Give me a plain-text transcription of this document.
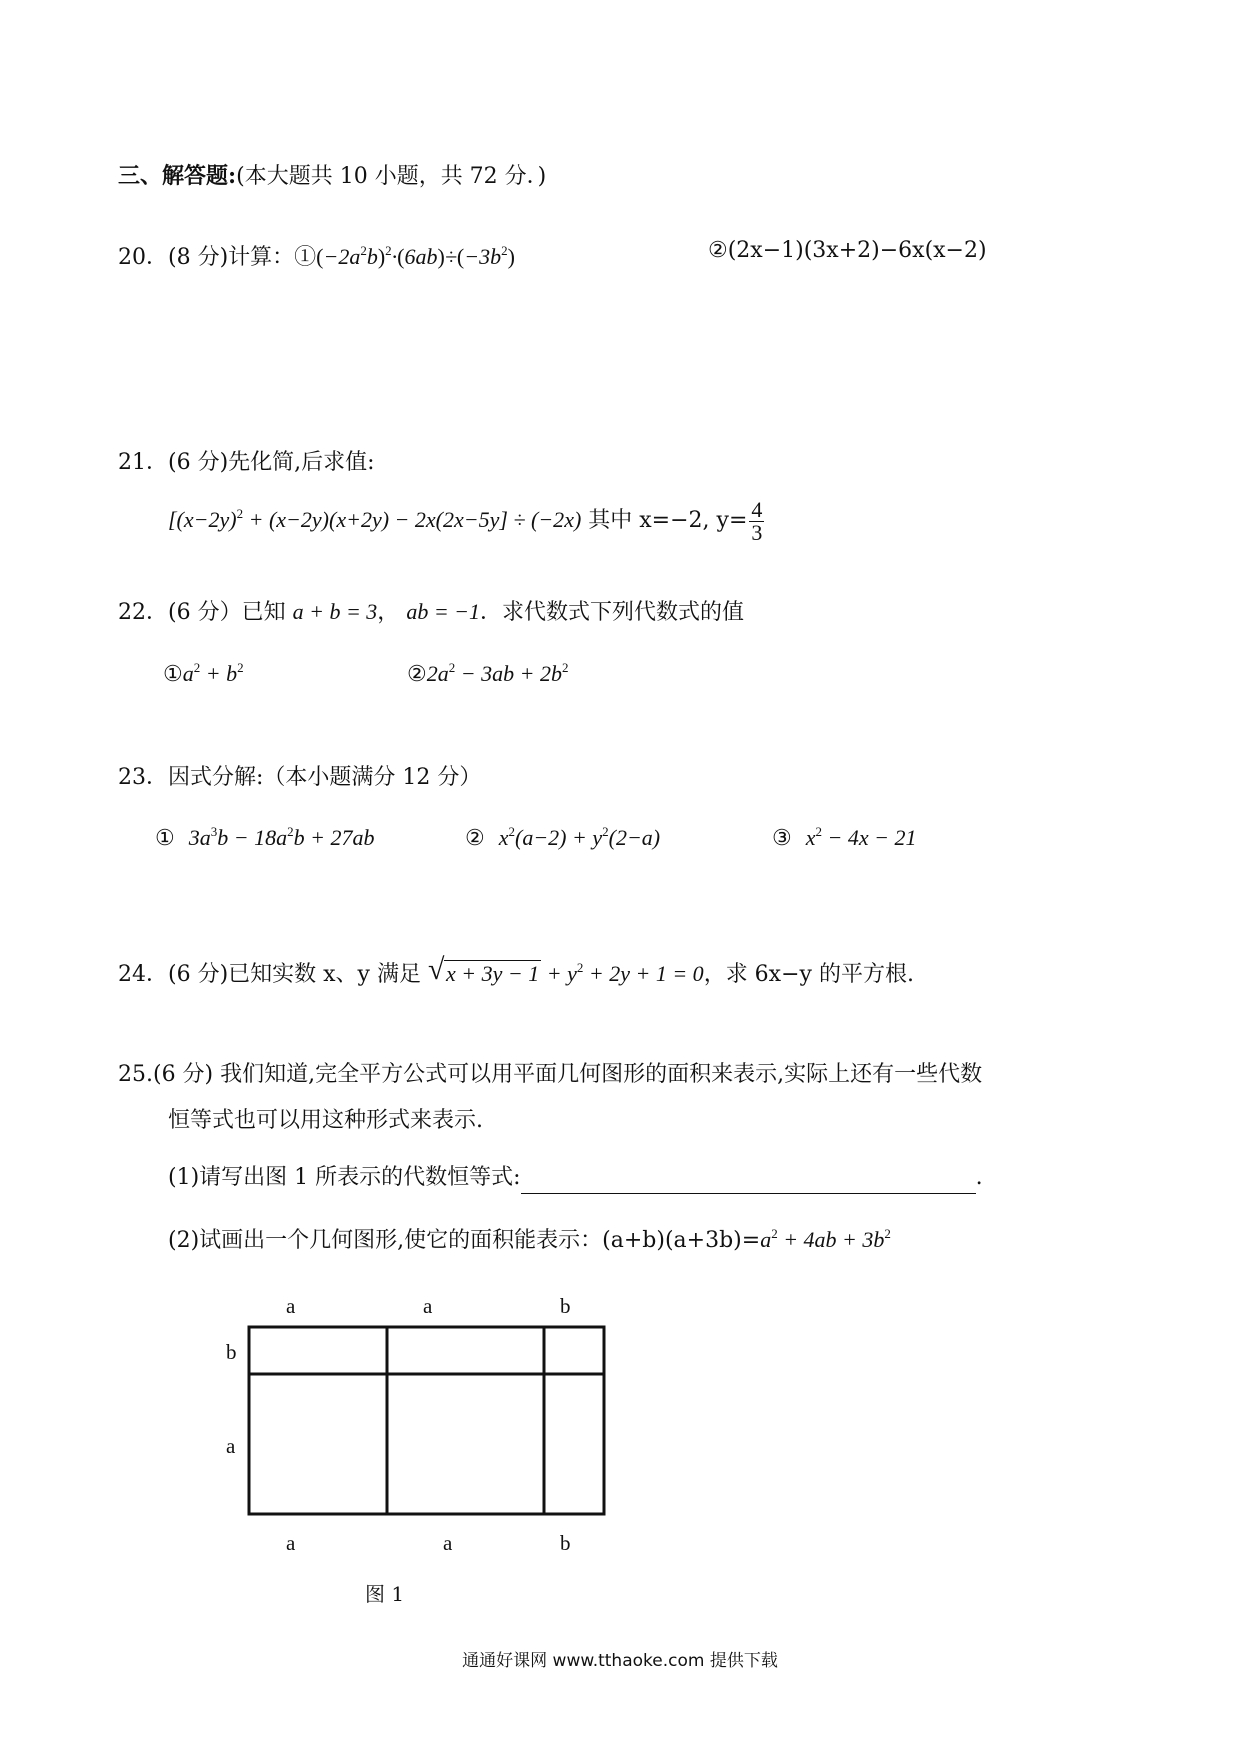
三、解答题:(本大题共 10 小题，共 72 分．)
20．(8 分)计算：$①(-2a^2b)^2\cdot(6ab)\div(-3b^2)$	②(2x−1)(3x+2)−6x(x−2)
21．(6 分)先化简,后求值:
[$(x-2y)^2 + (x-2y)(x+2y) - 2x(2x-5y] \div (-2x)$ 其中 x=−2, $y= \frac{4}{3}$
22．(6 分）已知 a + b = 3， ab = −1．求代数式下列代数式的值
$①a^2 + b^2$	$②2a^2 - 3ab + 2b^2$
23．因式分解:（本小题满分 12 分）
① $3a^3b - 18a^2b + 27ab$	② $x^2(a-2) + y^2(2-a)$	③ $x^2 - 4x - 21$
24．(6 分)已知实数 x、y 满足 √ $x + 3y - 1 + y^2 + 2y + 1 = 0$，求 6x−y 的平方根.
25.(6 分) 我们知道,完全平方公式可以用平面几何图形的面积来表示,实际上还有一些代数
恒等式也可以用这种形式来表示.
(1)请写出图 1 所表示的代数恒等式:	.
(2)试画出一个几何图形,使它的面积能表示：$(a+b)(a+3b)=a^2 + 4ab + 3b^2$
a	a	b
b
a
a	a	b
图 1
通通好课网 www.tthaoke.com 提供下载
